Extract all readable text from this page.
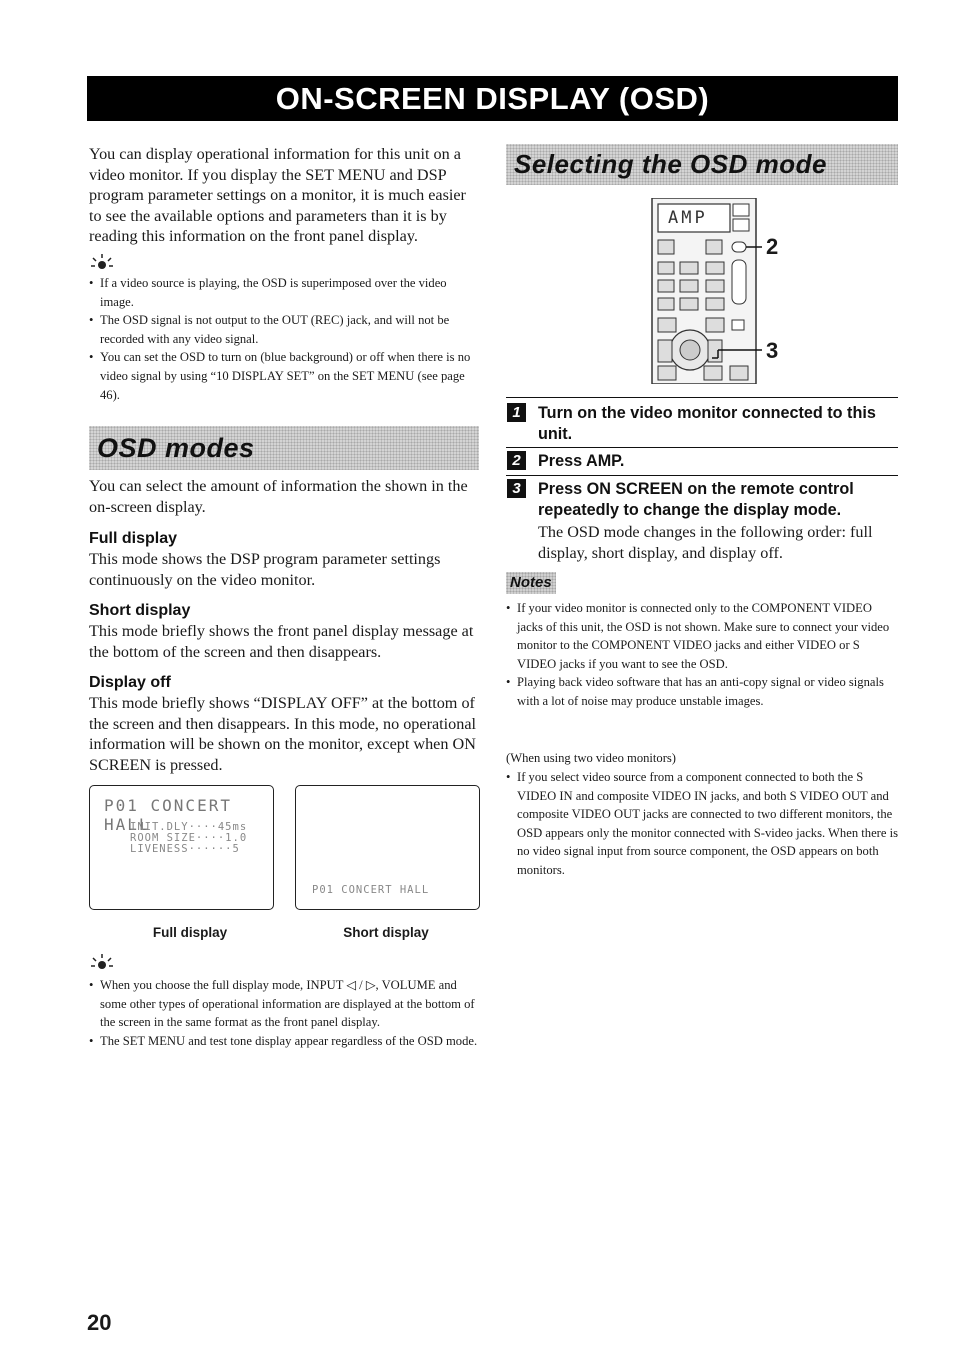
ON-SCREEN DISPLAY (OSD)
You can display operational information for this unit on a video monitor. If you display the SET MENU and DSP program parameter settings on a monitor, it is much easier to see the available options and parameters than it is by reading this information on the front panel display.
• If a video source is playing, the OSD is superimposed over the video image.
• The OSD signal is not output to the OUT (REC) jack, and will not be recorded with any video signal.
• You can set the OSD to turn on (blue background) or off when there is no video signal by using “10 DISPLAY SET” on the SET MENU (see page 46).
OSD modes
You can select the amount of information the shown in the on-screen display.
Full display
This mode shows the DSP program parameter settings continuously on the video monitor.
Short display
This mode briefly shows the front panel display message at the bottom of the screen and then disappears.
Display off
This mode briefly shows “DISPLAY OFF” at the bottom of the screen and then disappears. In this mode, no operational information will be shown on the monitor, except when ON SCREEN is pressed.
P01 CONCERT HALL
INIT.DLY····45ms
ROOM SIZE····1.0
LIVENESS······5
P01 CONCERT HALL
Full display	Short display
• When you choose the full display mode, INPUT ◁ / ▷, VOLUME and some other types of operational information are displayed at the bottom of the screen in the same format as the front panel display.
• The SET MENU and test tone display appear regardless of the OSD mode.
20
Selecting the OSD mode
AMP
2
3
1	Turn on the video monitor connected to this unit.
2	Press AMP.
3	Press ON SCREEN on the remote control repeatedly to change the display mode.
The OSD mode changes in the following order: full display, short display, and display off.
Notes
• If your video monitor is connected only to the COMPONENT VIDEO jacks of this unit, the OSD is not shown. Make sure to connect your video monitor to the COMPONENT VIDEO jacks and either VIDEO or S VIDEO jacks if you want to see the OSD.
• Playing back video software that has an anti-copy signal or video signals with a lot of noise may produce unstable images.
(When using two video monitors)
• If you select video source from a component connected to both the S VIDEO IN and composite VIDEO IN jacks, and both S VIDEO OUT and composite VIDEO OUT jacks are connected to two different monitors, the OSD appears only the monitor connected with S-video jacks. When there is no video signal input from source component, the OSD appears on both monitors.
